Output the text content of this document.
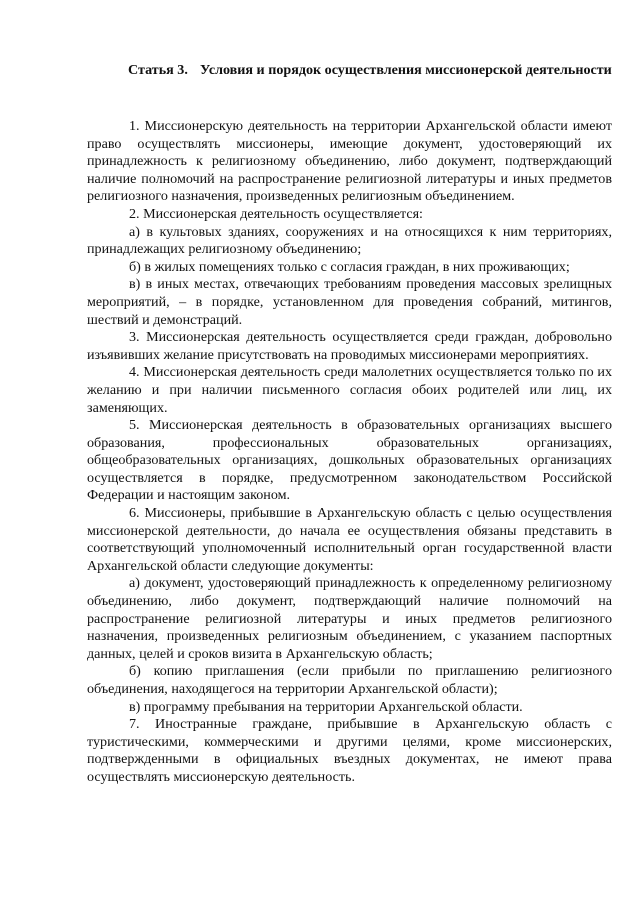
Статья 3. Условия и порядок осуществления миссионерской деятельности

1. Миссионерскую деятельность на территории Архангельской области имеют право осуществлять миссионеры, имеющие документ, удостоверяющий их принадлежность к религиозному объединению, либо документ, подтверждающий наличие полномочий на распространение религиозной литературы и иных предметов религиозного назначения, произведенных религиозным объединением.

2. Миссионерская деятельность осуществляется:

а) в культовых зданиях, сооружениях и на относящихся к ним территориях, принадлежащих религиозному объединению;

б) в жилых помещениях только с согласия граждан, в них проживающих;

в) в иных местах, отвечающих требованиям проведения массовых зрелищных мероприятий, – в порядке, установленном для проведения собраний, митингов, шествий и демонстраций.

3. Миссионерская деятельность осуществляется среди граждан, добровольно изъявивших желание присутствовать на проводимых миссионерами мероприятиях.

4. Миссионерская деятельность среди малолетних осуществляется только по их желанию и при наличии письменного согласия обоих родителей или лиц, их заменяющих.

5. Миссионерская деятельность в образовательных организациях высшего образования, профессиональных образовательных организациях, общеобразовательных организациях, дошкольных образовательных организациях осуществляется в порядке, предусмотренном законодательством Российской Федерации и настоящим законом.

6. Миссионеры, прибывшие в Архангельскую область с целью осуществления миссионерской деятельности, до начала ее осуществления обязаны представить в соответствующий уполномоченный исполнительный орган государственной власти Архангельской области следующие документы:

а) документ, удостоверяющий принадлежность к определенному религиозному объединению, либо документ, подтверждающий наличие полномочий на распространение религиозной литературы и иных предметов религиозного назначения, произведенных религиозным объединением, с указанием паспортных данных, целей и сроков визита в Архангельскую область;

б) копию приглашения (если прибыли по приглашению религиозного объединения, находящегося на территории Архангельской области);

в) программу пребывания на территории Архангельской области.

7. Иностранные граждане, прибывшие в Архангельскую область с туристическими, коммерческими и другими целями, кроме миссионерских, подтвержденными в официальных въездных документах, не имеют права осуществлять миссионерскую деятельность.
